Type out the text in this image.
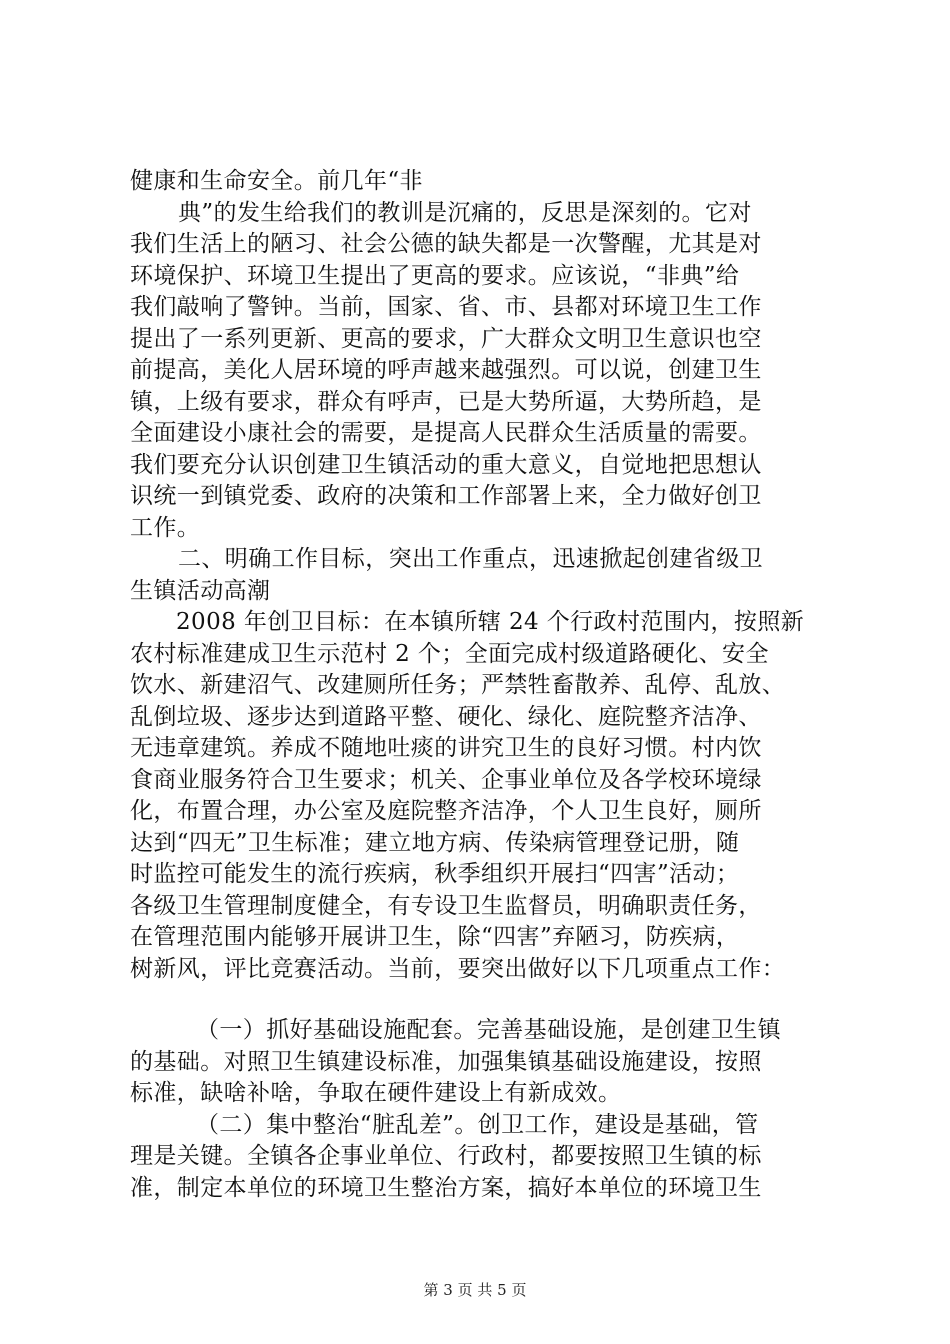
健康和生命安全。前几年“非
典”的发生给我们的教训是沉痛的，反思是深刻的。它对
我们生活上的陋习、社会公德的缺失都是一次警醒，尤其是对
环境保护、环境卫生提出了更高的要求。应该说，“非典”给
我们敲响了警钟。当前，国家、省、市、县都对环境卫生工作
提出了一系列更新、更高的要求，广大群众文明卫生意识也空
前提高，美化人居环境的呼声越来越强烈。可以说，创建卫生
镇，上级有要求，群众有呼声，已是大势所逼，大势所趋，是
全面建设小康社会的需要，是提高人民群众生活质量的需要。
我们要充分认识创建卫生镇活动的重大意义，自觉地把思想认
识统一到镇党委、政府的决策和工作部署上来，全力做好创卫
工作。
二、明确工作目标，突出工作重点，迅速掀起创建省级卫
生镇活动高潮
2008 年创卫目标：在本镇所辖 24 个行政村范围内，按照新
农村标准建成卫生示范村 2 个；全面完成村级道路硬化、安全
饮水、新建沼气、改建厕所任务；严禁牲畜散养、乱停、乱放、
乱倒垃圾、逐步达到道路平整、硬化、绿化、庭院整齐洁净、
无违章建筑。养成不随地吐痰的讲究卫生的良好习惯。村内饮
食商业服务符合卫生要求；机关、企事业单位及各学校环境绿
化，布置合理，办公室及庭院整齐洁净，个人卫生良好，厕所
达到“四无”卫生标准；建立地方病、传染病管理登记册，随
时监控可能发生的流行疾病，秋季组织开展扫“四害”活动；
各级卫生管理制度健全，有专设卫生监督员，明确职责任务，
在管理范围内能够开展讲卫生，除“四害”弃陋习，防疾病，
树新风，评比竞赛活动。当前，要突出做好以下几项重点工作：
（一）抓好基础设施配套。完善基础设施，是创建卫生镇
的基础。对照卫生镇建设标准，加强集镇基础设施建设，按照
标准，缺啥补啥，争取在硬件建设上有新成效。
（二）集中整治“脏乱差”。创卫工作，建设是基础，管
理是关键。全镇各企事业单位、行政村，都要按照卫生镇的标
准，制定本单位的环境卫生整治方案，搞好本单位的环境卫生
第 3 页 共 5 页
